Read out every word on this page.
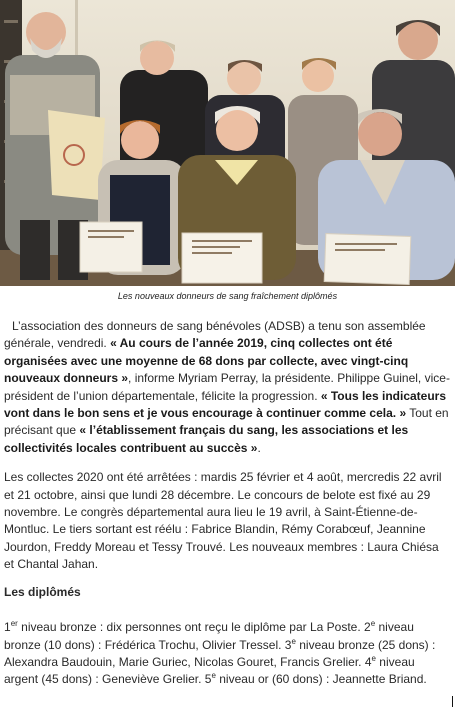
Les nouveaux donneurs de sang fraîchement diplômés

L’association des donneurs de sang bénévoles (ADSB) a tenu son assemblée générale, vendredi. « Au cours de l’année 2019, cinq collectes ont été organisées avec une moyenne de 68 dons par collecte, avec vingt-cinq nouveaux donneurs », informe Myriam Perray, la présidente. Philippe Guinel, vice-président de l’union départementale, félicite la progression. « Tous les indicateurs vont dans le bon sens et je vous encourage à continuer comme cela. » Tout en précisant que « l’établissement français du sang, les associations et les collectivités locales contribuent au succès ».

Les collectes 2020 ont été arrêtées : mardis 25 février et 4 août, mercredis 22 avril et 21 octobre, ainsi que lundi 28 décembre. Le concours de belote est fixé au 29 novembre. Le congrès départemental aura lieu le 19 avril, à Saint-Étienne-de-Montluc. Le tiers sortant est réélu : Fabrice Blandin, Rémy Corabœuf, Jeannine Jourdon, Freddy Moreau et Tessy Trouvé. Les nouveaux membres : Laura Chiésa et Chantal Jahan.

Les diplômés

1er niveau bronze : dix personnes ont reçu le diplôme par La Poste. 2e niveau bronze (10 dons) : Frédérica Trochu, Olivier Tressel. 3e niveau bronze (25 dons) : Alexandra Baudouin, Marie Guriec, Nicolas Gouret, Francis Grelier. 4e niveau argent (45 dons) : Geneviève Grelier. 5e niveau or (60 dons) : Jeannette Briand.
